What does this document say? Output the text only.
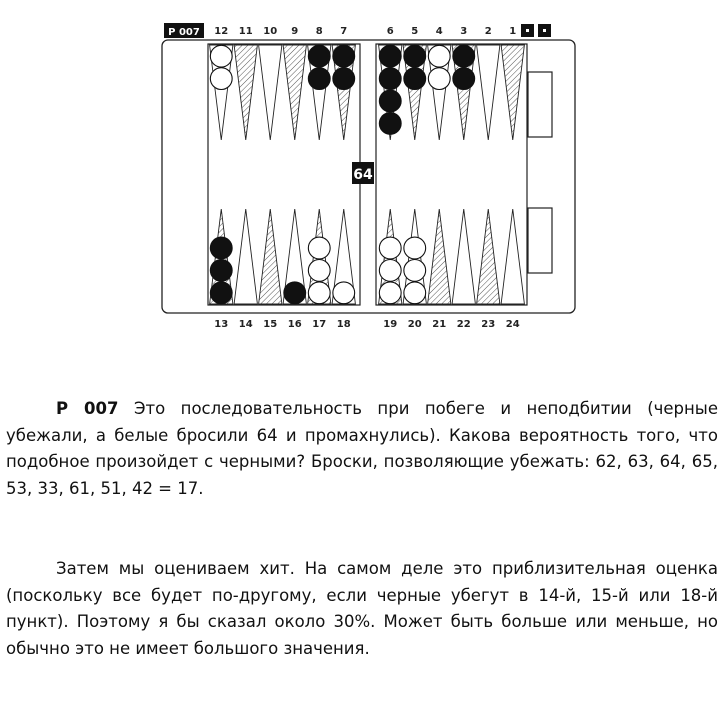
P 007
64
12 11 10 9 8 7	6 5 4 3 2 1
13 14 15 16 17 18	19 20 21 22 23 24

P 007 Это последовательность при побеге и неподбитии (черные убежали, а белые бросили 64 и промахнулись). Какова вероятность того, что подобное произойдет с черными? Броски, позволяющие убежать: 62, 63, 64, 65, 53, 33, 61, 51, 42 = 17.

Затем мы оцениваем хит. На самом деле это приблизительная оценка (поскольку все будет по-другому, если черные убегут в 14-й, 15-й или 18-й пункт). Поэтому я бы сказал около 30%. Может быть больше или меньше, но обычно это не имеет большого значения.
